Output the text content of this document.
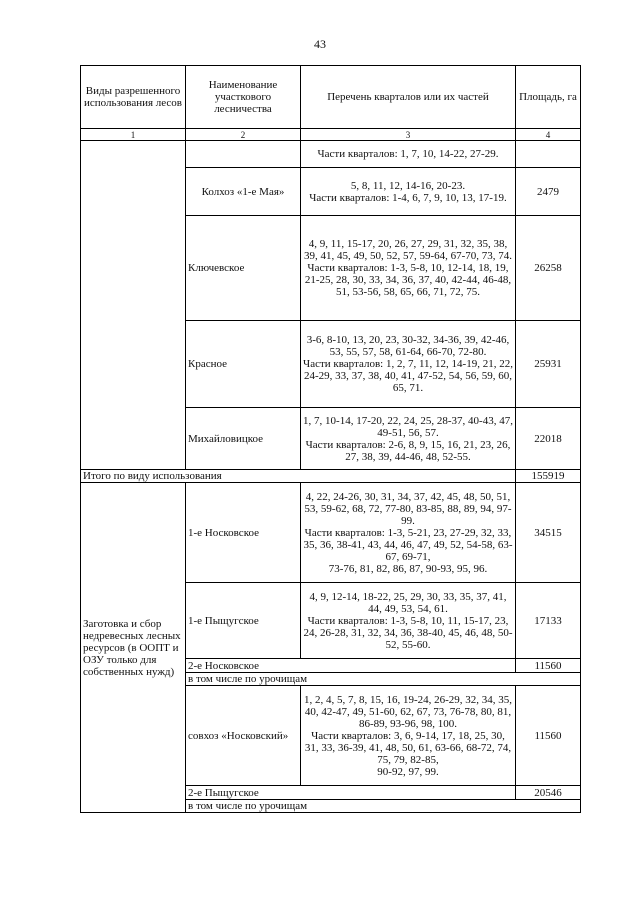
43
Виды разрешенного использования лесов	Наименование участкового лесничества	Перечень кварталов или их частей	Площадь, га
1	2	3	4
		Части кварталов: 1, 7, 10, 14-22, 27-29.	
	Колхоз «1-е Мая»	5, 8, 11, 12, 14-16, 20-23.
Части кварталов: 1-4, 6, 7, 9, 10, 13, 17-19.	2479
	Ключевское	4, 9, 11, 15-17, 20, 26, 27, 29, 31, 32, 35, 38, 39, 41, 45, 49, 50, 52, 57, 59-64, 67-70, 73, 74.
Части кварталов: 1-3, 5-8, 10, 12-14, 18, 19, 21-25, 28, 30, 33, 34, 36, 37, 40, 42-44, 46-48, 51, 53-56, 58, 65, 66, 71, 72, 75.	26258
	Красное	3-6, 8-10, 13, 20, 23, 30-32, 34-36, 39, 42-46, 53, 55, 57, 58, 61-64, 66-70, 72-80.
Части кварталов: 1, 2, 7, 11, 12, 14-19, 21, 22, 24-29, 33, 37, 38, 40, 41, 47-52, 54, 56, 59, 60, 65, 71.	25931
	Михайловицкое	1, 7, 10-14, 17-20, 22, 24, 25, 28-37, 40-43, 47, 49-51, 56, 57.
Части кварталов: 2-6, 8, 9, 15, 16, 21, 23, 26, 27, 38, 39, 44-46, 48, 52-55.	22018
Итого по виду использования			155919
Заготовка и сбор недревесных лесных ресурсов (в ООПТ и ОЗУ только для собственных нужд)	1-е Носковское	4, 22, 24-26, 30, 31, 34, 37, 42, 45, 48, 50, 51, 53, 59-62, 68, 72, 77-80, 83-85, 88, 89, 94, 97-99.
Части кварталов: 1-3, 5-21, 23, 27-29, 32, 33, 35, 36, 38-41, 43, 44, 46, 47, 49, 52, 54-58, 63-67, 69-71,
73-76, 81, 82, 86, 87, 90-93, 95, 96.	34515
	1-е Пыщугское	4, 9, 12-14, 18-22, 25, 29, 30, 33, 35, 37, 41, 44, 49, 53, 54, 61.
Части кварталов: 1-3, 5-8, 10, 11, 15-17, 23, 24, 26-28, 31, 32, 34, 36, 38-40, 45, 46, 48, 50-52, 55-60.	17133
	2-е Носковское		11560
	в том числе по урочищам		
	совхоз «Носковский»	1, 2, 4, 5, 7, 8, 15, 16, 19-24, 26-29, 32, 34, 35, 40, 42-47, 49, 51-60, 62, 67, 73, 76-78, 80, 81, 86-89, 93-96, 98, 100.
Части кварталов: 3, 6, 9-14, 17, 18, 25, 30, 31, 33, 36-39, 41, 48, 50, 61, 63-66, 68-72, 74, 75, 79, 82-85,
90-92, 97, 99.	11560
	2-е Пыщугское		20546
	в том числе по урочищам		
